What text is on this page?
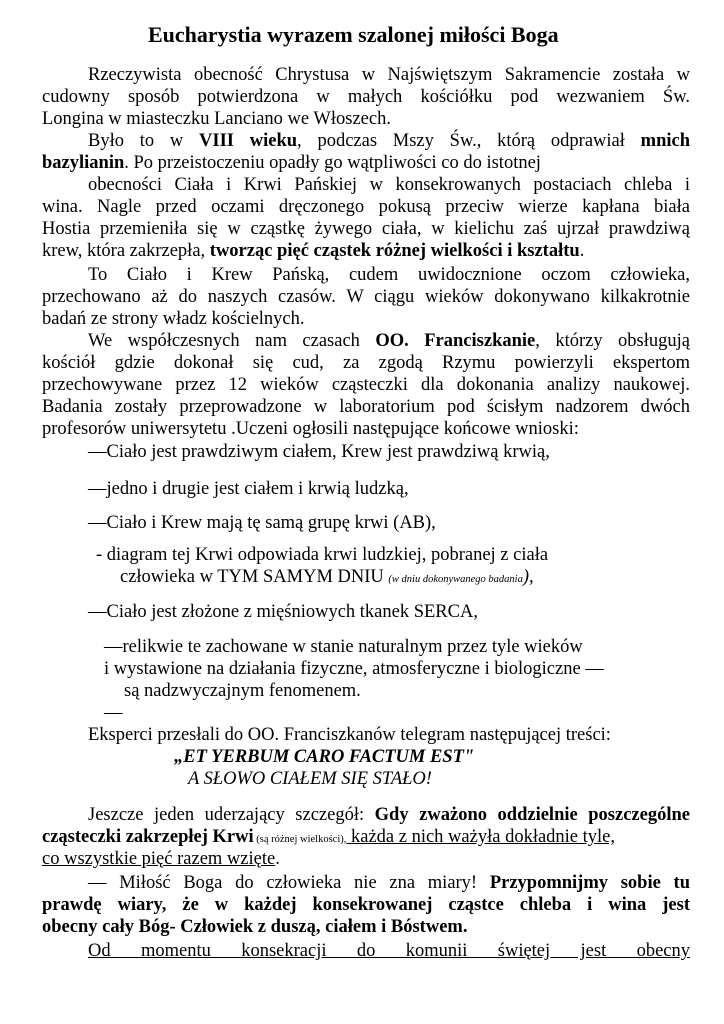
Eucharystia wyrazem szalonej miłości Boga
Rzeczywista obecność Chrystusa w Najświętszym Sakramencie została w
cudowny sposób potwierdzona w małych kościółku pod wezwaniem Św.
Longina w miasteczku Lanciano we Włoszech.
Było to w VIII wieku, podczas Mszy Św., którą odprawiał mnich
bazylianin. Po przeistoczeniu opadły go wątpliwości co do istotnej
obecności Ciała i Krwi Pańskiej w konsekrowanych postaciach chleba i
wina. Nagle przed oczami dręczonego pokusą przeciw wierze kapłana biała
Hostia przemieniła się w cząstkę żywego ciała, w kielichu zaś ujrzał prawdziwą
krew, która zakrzepła, tworząc pięć cząstek różnej wielkości i kształtu.
To Ciało i Krew Pańską, cudem uwidocznione oczom człowieka,
przechowano aż do naszych czasów. W ciągu wieków dokonywano kilkakrotnie
badań ze strony władz kościelnych.
We współczesnych nam czasach OO. Franciszkanie, którzy obsługują
kościół gdzie dokonał się cud, za zgodą Rzymu powierzyli ekspertom
przechowywane przez 12 wieków cząsteczki dla dokonania analizy naukowej.
Badania zostały przeprowadzone w laboratorium pod ścisłym nadzorem dwóch
profesorów uniwersytetu .Uczeni ogłosili następujące końcowe wnioski:
—Ciało jest prawdziwym ciałem, Krew jest prawdziwą krwią,
—jedno i drugie jest ciałem i krwią ludzką,
—Ciało i Krew mają tę samą grupę krwi (AB),
- diagram tej Krwi odpowiada krwi ludzkiej, pobranej z ciała
człowieka w TYM SAMYM DNIU (w dniu dokonywanego badania),
—Ciało jest złożone z mięśniowych tkanek SERCA,
—relikwie te zachowane w stanie naturalnym przez tyle wieków
i wystawione na działania fizyczne, atmosferyczne i biologiczne —
są nadzwyczajnym fenomenem.
—
Eksperci przesłali do OO. Franciszkanów telegram następującej treści:
„ET YERBUM CARO FACTUM EST"
A SŁOWO CIAŁEM SIĘ STAŁO!
Jeszcze jeden uderzający szczegół: Gdy zważono oddzielnie poszczególne
cząsteczki zakrzepłej Krwi (są różnej wielkości), każda z nich ważyła dokładnie tyle,
co wszystkie pięć razem wzięte.
— Miłość Boga do człowieka nie zna miary! Przypomnijmy sobie tu
prawdę wiary, że w każdej konsekrowanej cząstce chleba i wina jest
obecny cały Bóg- Człowiek z duszą, ciałem i Bóstwem.
Od momentu konsekracji do komunii świętej jest obecny
